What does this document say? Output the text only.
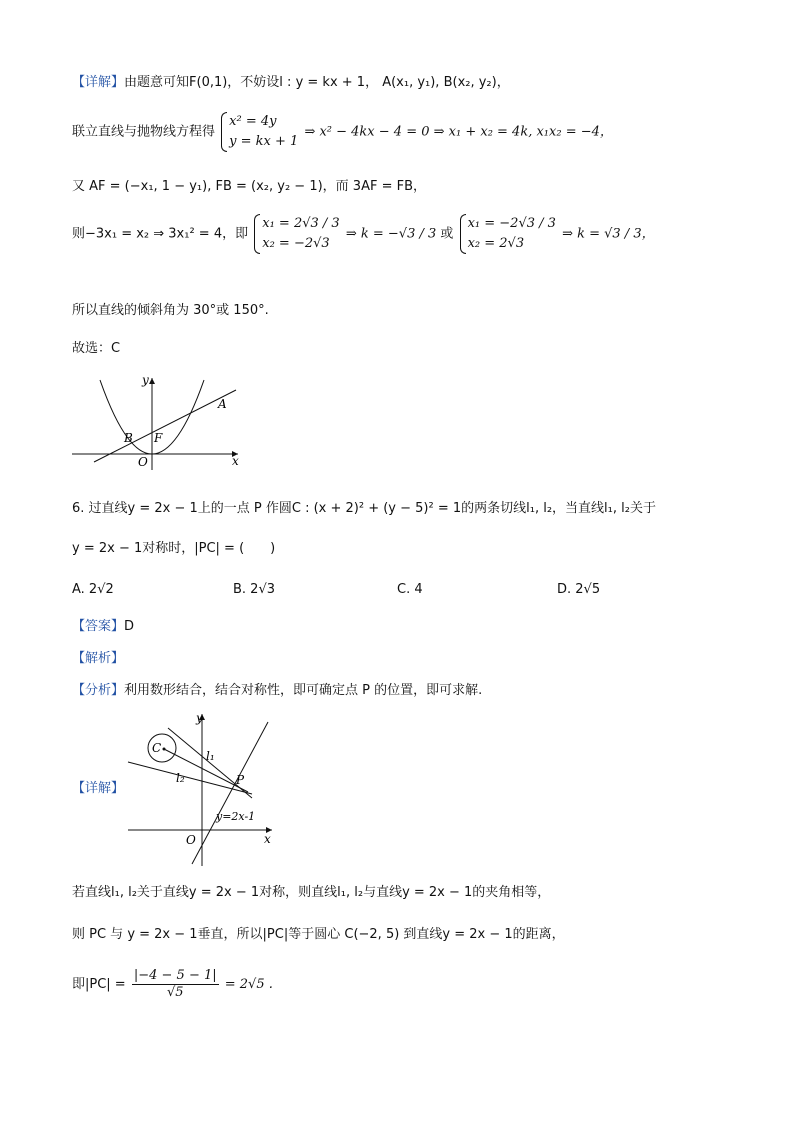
【详解】由题意可知F(0,1)，不妨设l : y = kx + 1， A(x₁, y₁), B(x₂, y₂)，
联立直线与抛物线方程得
x² = 4y
y = kx + 1
⇒ x² − 4kx − 4 = 0 ⇒ x₁ + x₂ = 4k, x₁x₂ = −4，
又 AF = (−x₁, 1 − y₁), FB = (x₂, y₂ − 1)，而 3AF = FB，
则−3x₁ = x₂ ⇒ 3x₁² = 4，即
x₁ = 2√3 / 3
x₂ = −2√3
⇒ k = −√3 / 3 或
x₁ = −2√3 / 3
x₂ = 2√3
⇒ k = √3 / 3，
所以直线的倾斜角为 30°或 150°.
故选：C
y
x
O
A
B F
6. 过直线y = 2x − 1上的一点 P 作圆C : (x + 2)² + (y − 5)² = 1的两条切线l₁, l₂，当直线l₁, l₂关于
y = 2x − 1对称时，|PC| = (　　)
A. 2√2	B. 2√3	C. 4	D. 2√5
【答案】D
【解析】
【分析】利用数形结合，结合对称性，即可确定点 P 的位置，即可求解.
【详解】
y
x
O
C
P
l₁
l₂
y=2x-1
若直线l₁, l₂关于直线y = 2x − 1对称，则直线l₁, l₂与直线y = 2x − 1的夹角相等，
则 PC 与 y = 2x − 1垂直，所以|PC|等于圆心 C(−2, 5) 到直线y = 2x − 1的距离，
即$|PC| = \frac{|-4 - 5 - 1|}{√5} = 2√5$ .
